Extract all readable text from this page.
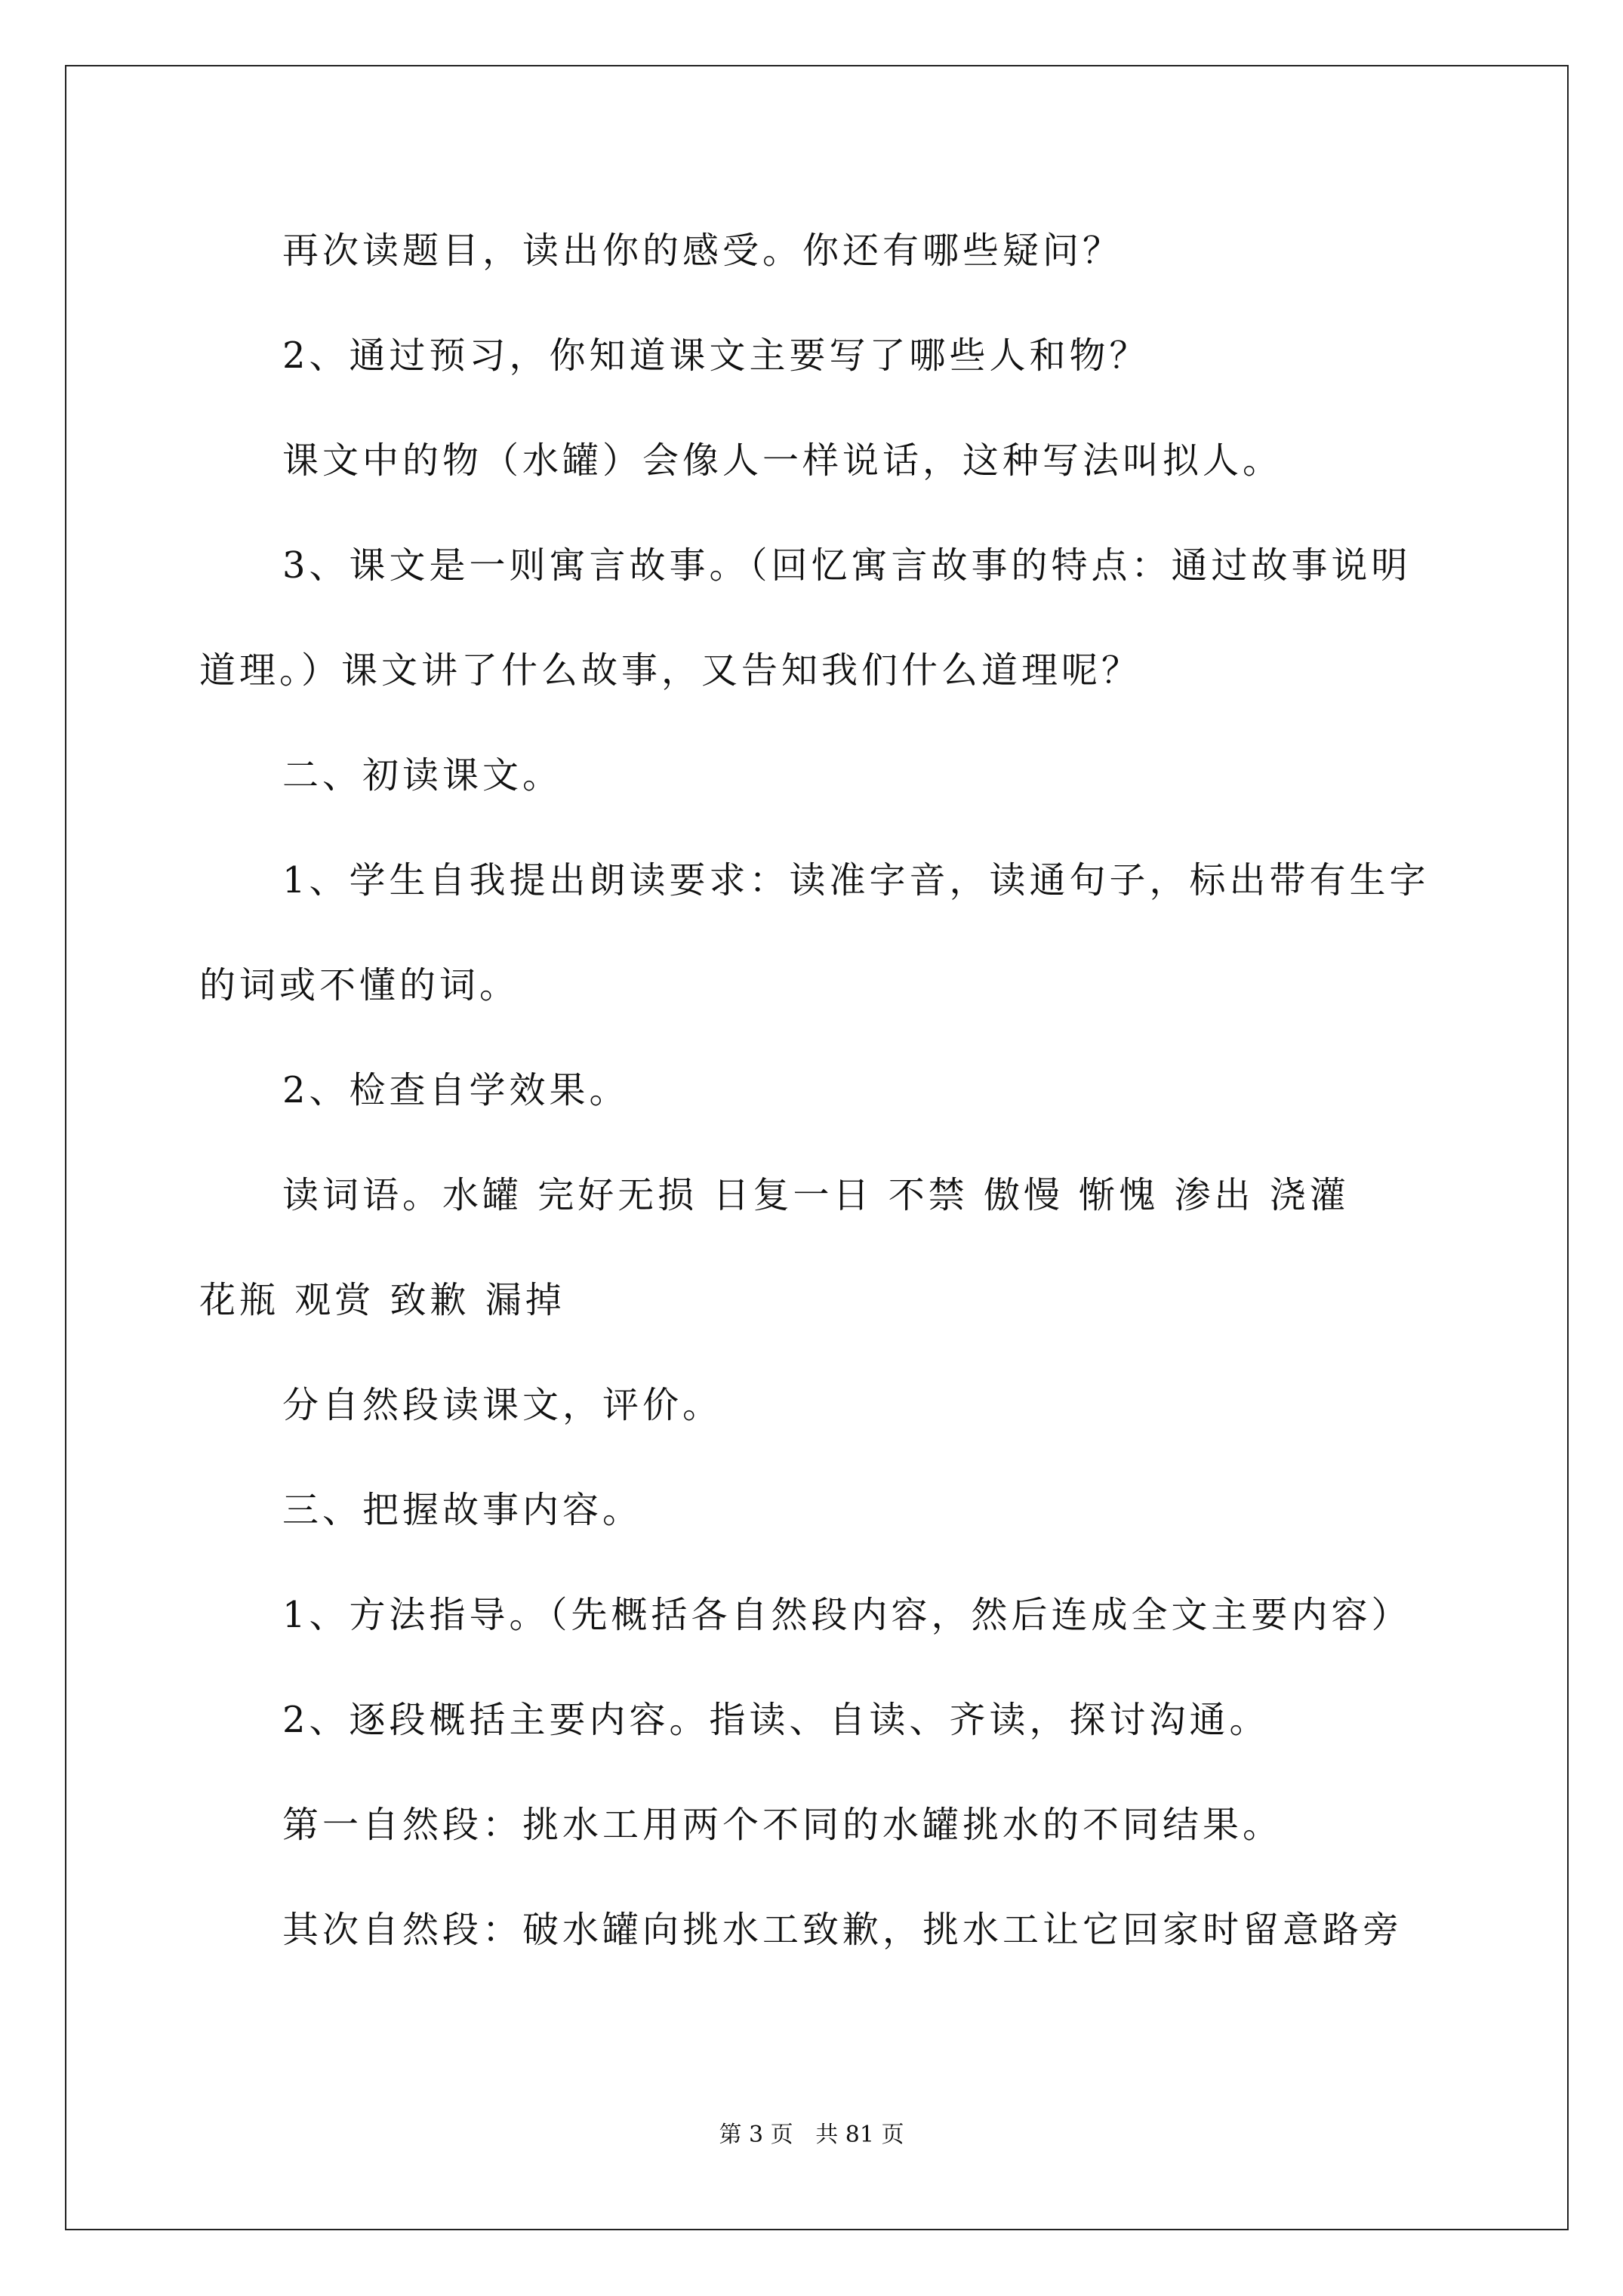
再次读题目，读出你的感受。你还有哪些疑问？
2、通过预习，你知道课文主要写了哪些人和物？
课文中的物（水罐）会像人一样说话，这种写法叫拟人。
3、课文是一则寓言故事。（回忆寓言故事的特点：通过故事说明
道理。）课文讲了什么故事，又告知我们什么道理呢？
二、初读课文。
1、学生自我提出朗读要求：读准字音，读通句子，标出带有生字
的词或不懂的词。
2、检查自学效果。
读词语。水罐 完好无损 日复一日 不禁 傲慢 惭愧 渗出 浇灌
花瓶 观赏 致歉 漏掉
分自然段读课文，评价。
三、把握故事内容。
1、方法指导。（先概括各自然段内容，然后连成全文主要内容）
2、逐段概括主要内容。指读、自读、齐读，探讨沟通。
第一自然段：挑水工用两个不同的水罐挑水的不同结果。
其次自然段：破水罐向挑水工致歉，挑水工让它回家时留意路旁
第 3 页 共 81 页
